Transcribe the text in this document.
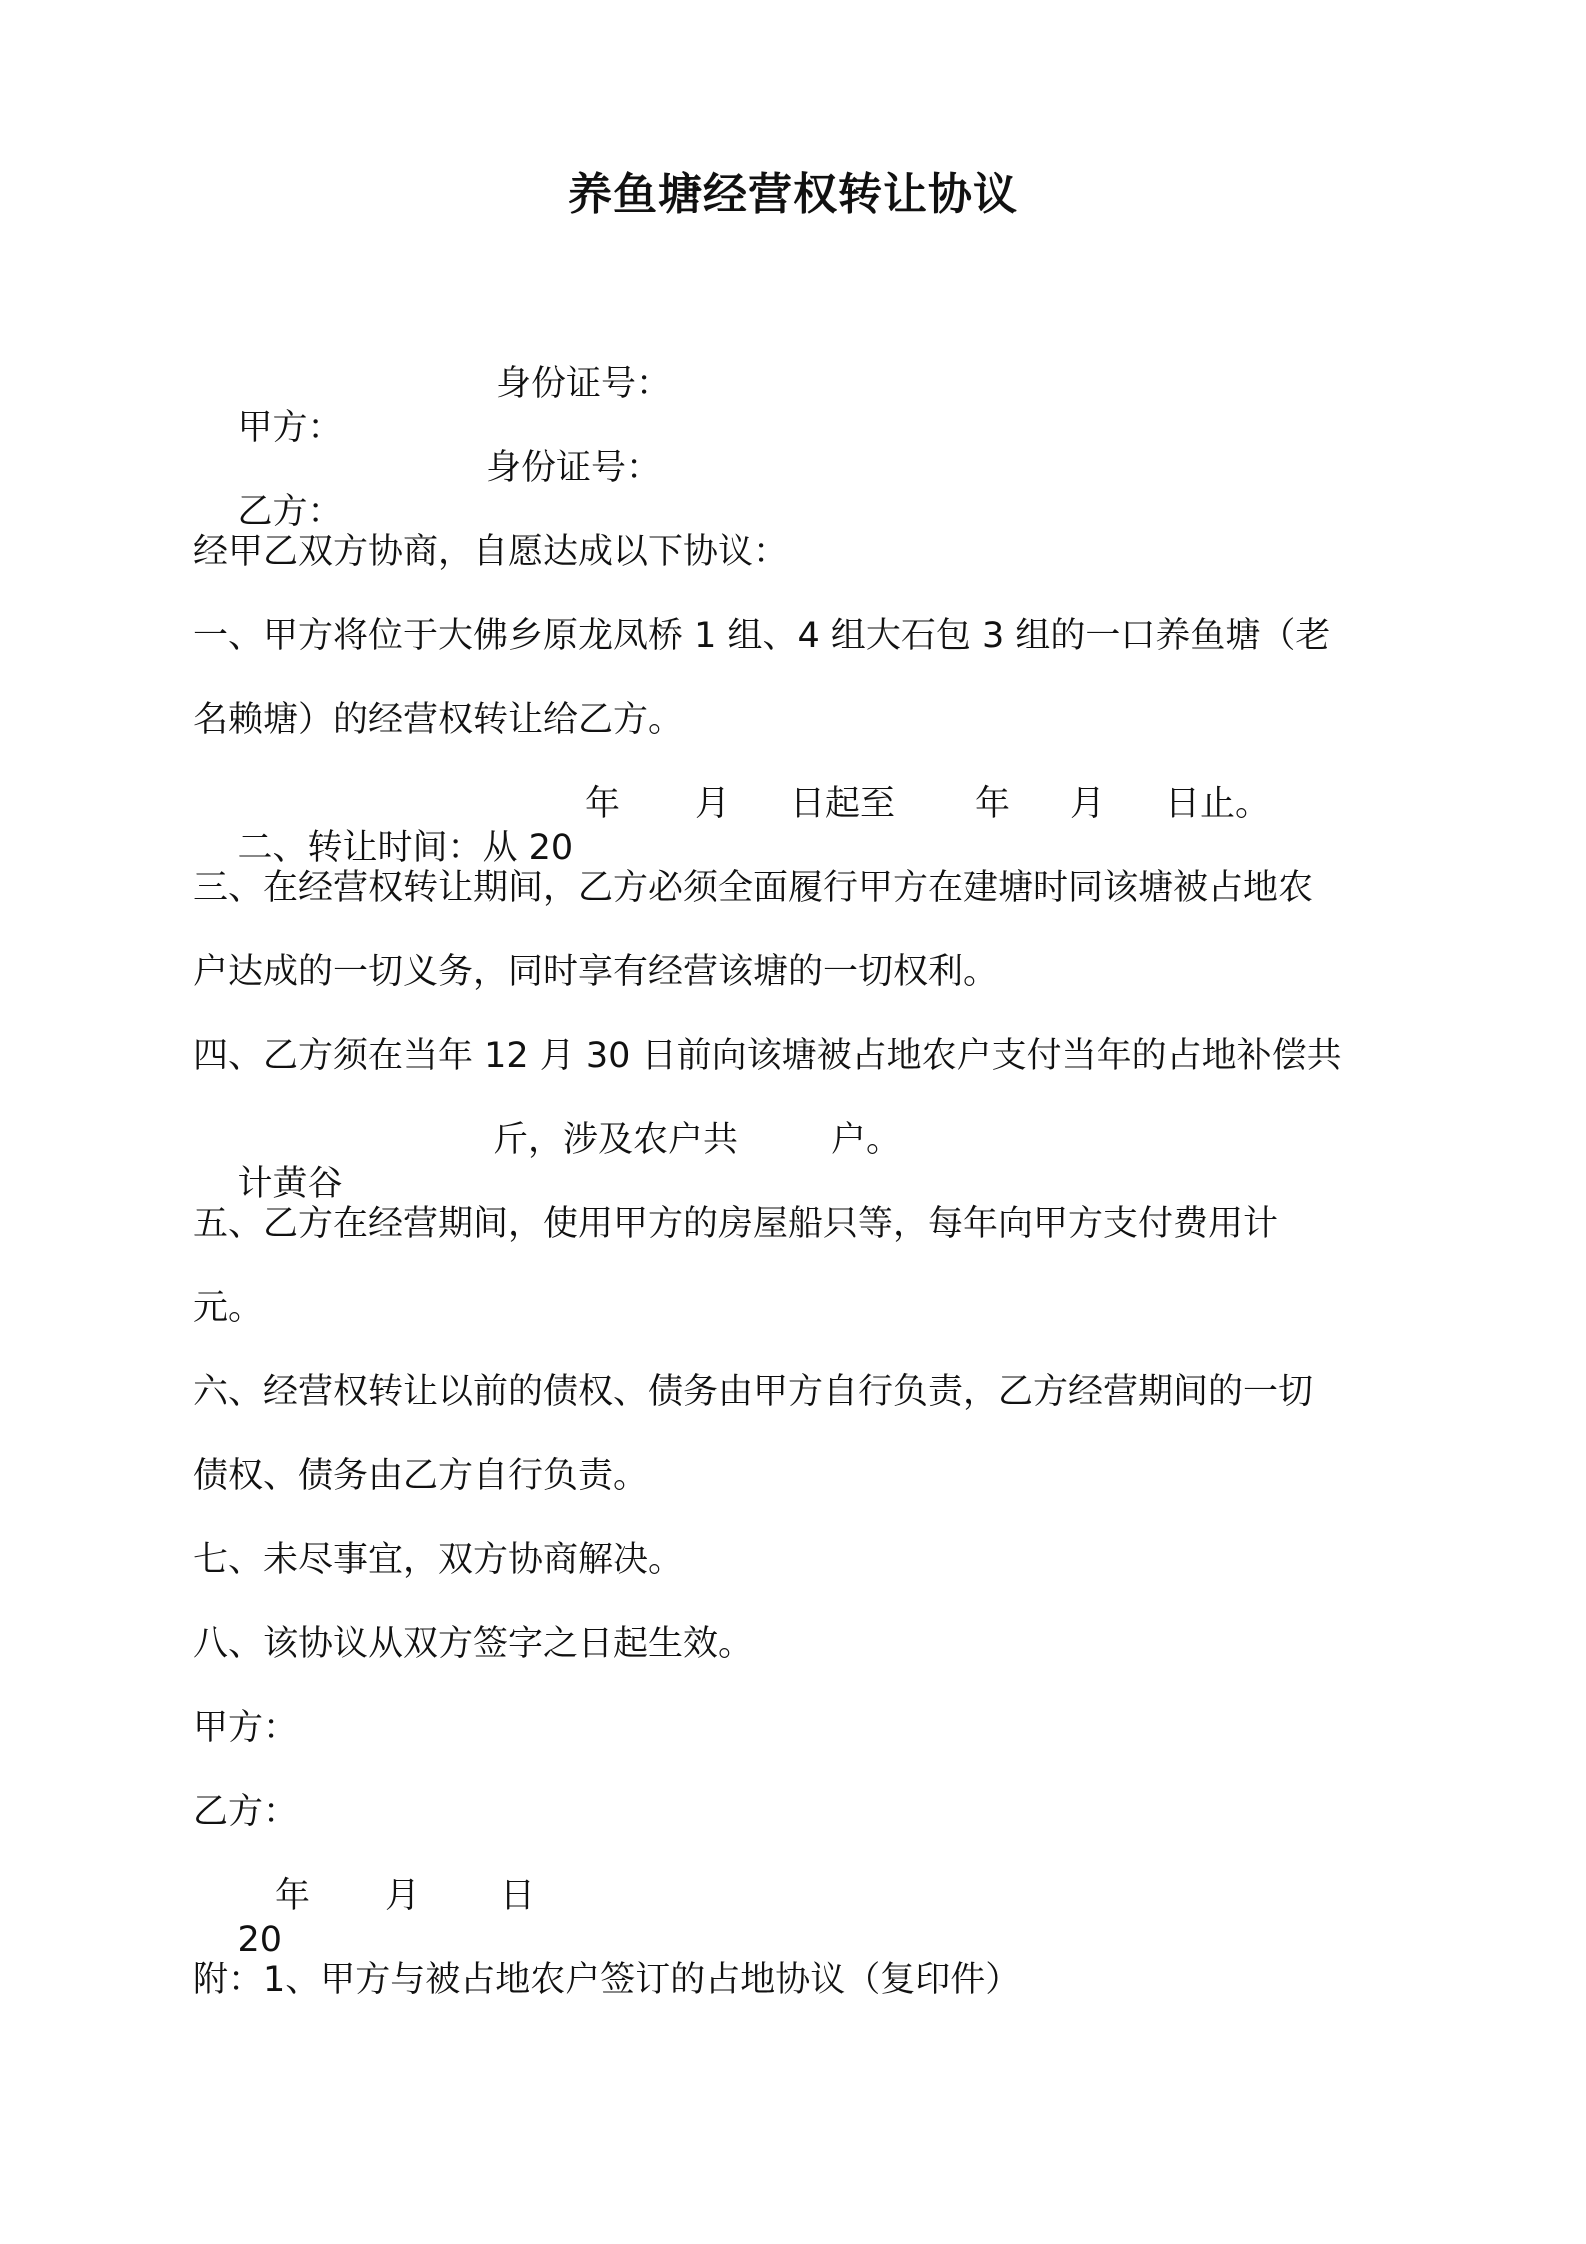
养鱼塘经营权转让协议

甲方：

身份证号：

乙方：

身份证号：

经甲乙双方协商，自愿达成以下协议：
一、甲方将位于大佛乡原龙凤桥 1 组、4 组大石包 3 组的一口养鱼塘（老
名赖塘）的经营权转让给乙方。

二、转让时间：从 20

年

月

日起至

年

月

日止。

三、在经营权转让期间，乙方必须全面履行甲方在建塘时同该塘被占地农
户达成的一切义务，同时享有经营该塘的一切权利。
四、乙方须在当年 12 月 30 日前向该塘被占地农户支付当年的占地补偿共

计黄谷

斤，涉及农户共

	户。

五、乙方在经营期间，使用甲方的房屋船只等，每年向甲方支付费用计
元。
六、经营权转让以前的债权、债务由甲方自行负责，乙方经营期间的一切
债权、债务由乙方自行负责。
七、未尽事宜，双方协商解决。
八、该协议从双方签字之日起生效。
甲方：
乙方：

20

年

月

日

附：1、甲方与被占地农户签订的占地协议（复印件）
